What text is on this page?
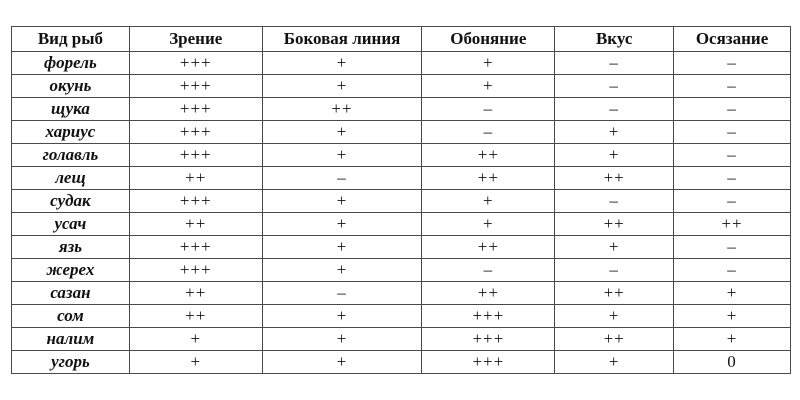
Вид рыб	Зрение	Боковая линия	Обоняние	Вкус	Осязание
форель	+++	+	+	–	–
окунь	+++	+	+	–	–
щука	+++	++	–	–	–
хариус	+++	+	–	+	–
голавль	+++	+	++	+	–
лещ	++	–	++	++	–
судак	+++	+	+	–	–
усач	++	+	+	++	++
язь	+++	+	++	+	–
жерех	+++	+	–	–	–
сазан	++	–	++	++	+
сом	++	+	+++	+	+
налим	+	+	+++	++	+
угорь	+	+	+++	+	0
